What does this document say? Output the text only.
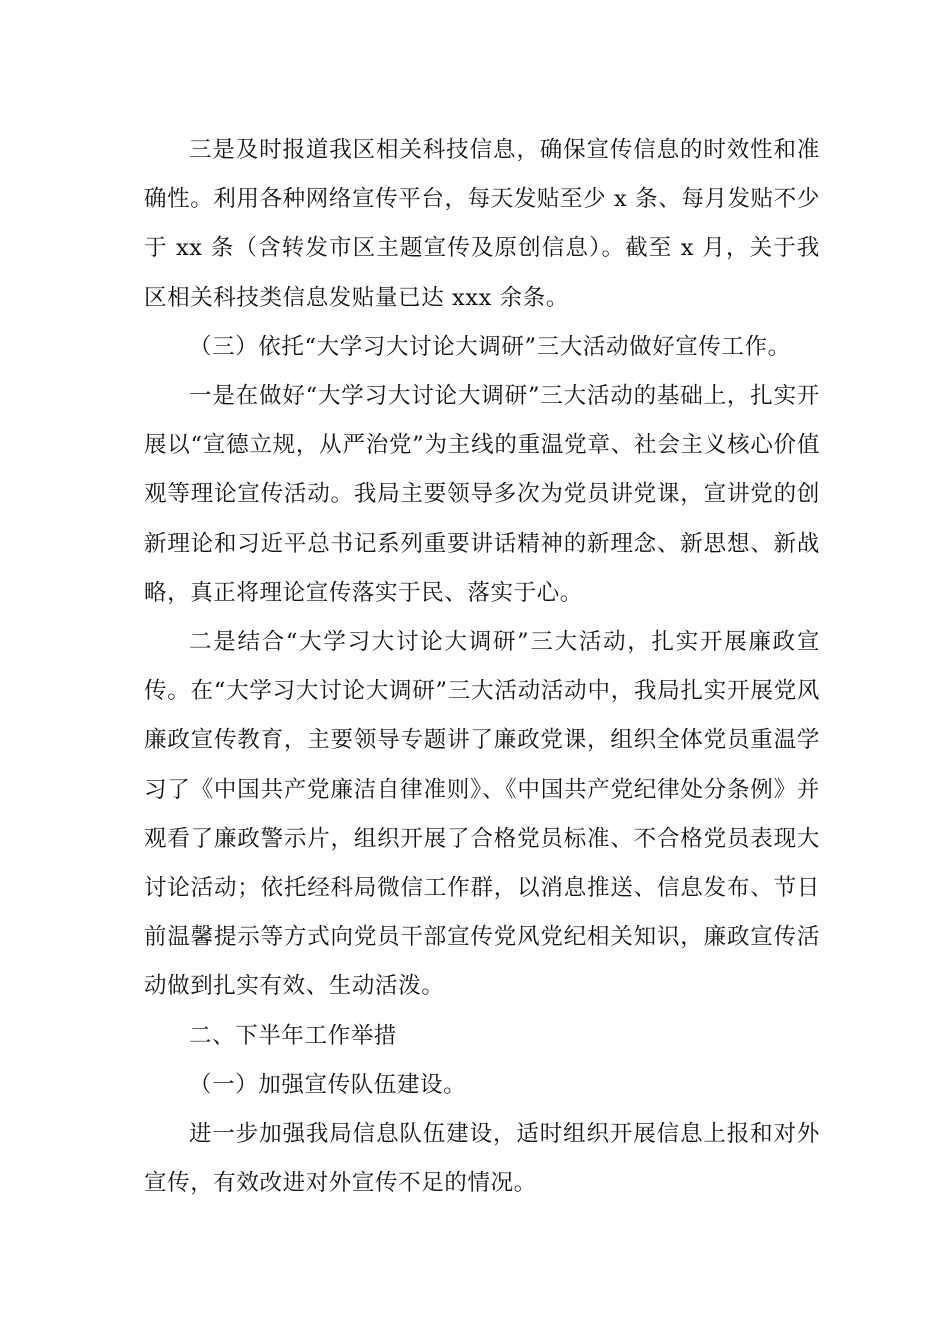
三是及时报道我区相关科技信息，确保宣传信息的时效性和准确性。利用各种网络宣传平台，每天发贴至少 x 条、每月发贴不少于 xx 条（含转发市区主题宣传及原创信息）。截至 x 月，关于我区相关科技类信息发贴量已达 xxx 余条。

（三）依托“大学习大讨论大调研”三大活动做好宣传工作。

一是在做好“大学习大讨论大调研”三大活动的基础上，扎实开展以“宣德立规，从严治党”为主线的重温党章、社会主义核心价值观等理论宣传活动。我局主要领导多次为党员讲党课，宣讲党的创新理论和习近平总书记系列重要讲话精神的新理念、新思想、新战略，真正将理论宣传落实于民、落实于心。

二是结合“大学习大讨论大调研”三大活动，扎实开展廉政宣传。在“大学习大讨论大调研”三大活动活动中，我局扎实开展党风廉政宣传教育，主要领导专题讲了廉政党课，组织全体党员重温学习了《中国共产党廉洁自律准则》、《中国共产党纪律处分条例》并观看了廉政警示片，组织开展了合格党员标准、不合格党员表现大讨论活动；依托经科局微信工作群，以消息推送、信息发布、节日前温馨提示等方式向党员干部宣传党风党纪相关知识，廉政宣传活动做到扎实有效、生动活泼。

二、下半年工作举措

（一）加强宣传队伍建设。

进一步加强我局信息队伍建设，适时组织开展信息上报和对外宣传，有效改进对外宣传不足的情况。
